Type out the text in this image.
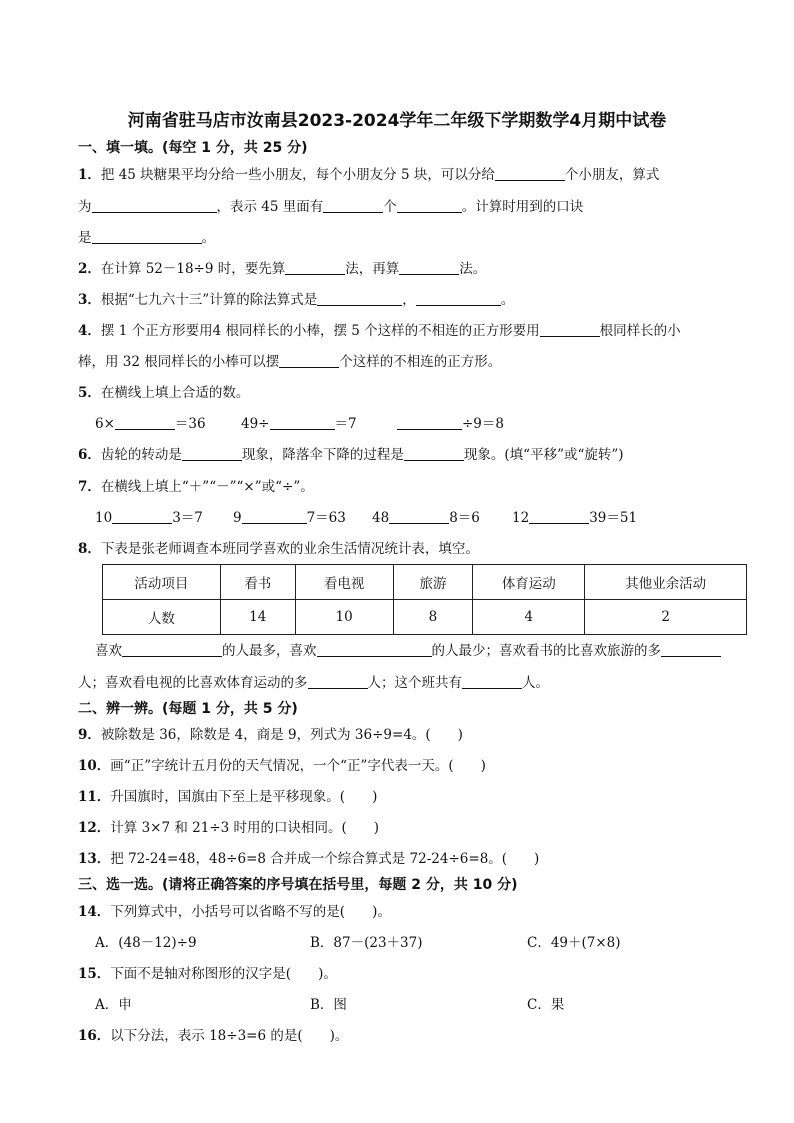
河南省驻马店市汝南县2023-2024学年二年级下学期数学4月期中试卷
一、填一填。(每空 1 分，共 25 分)
1．把 45 块糖果平均分给一些小朋友，每个小朋友分 5 块，可以分给	个小朋友，算式
为	，表示 45 里面有	个	。计算时用到的口诀
是	。
2．在计算 52－18÷9 时，要先算	法，再算	法。
3．根据“七九六十三”计算的除法算式是	，	。
4．摆 1 个正方形要用4 根同样长的小棒，摆 5 个这样的不相连的正方形要用	根同样长的小
棒，用 32 根同样长的小棒可以摆	个这样的不相连的正方形。
5．在横线上填上合适的数。
6×	＝36	49÷	＝7	÷9＝8
6．齿轮的转动是	现象，降落伞下降的过程是	现象。(填“平移”或“旋转”)
7．在横线上填上“＋”“－”“×”或“÷”。
10	3＝7 9	7＝63 48	8＝6 12	39＝51
8．下表是张老师调查本班同学喜欢的业余生活情况统计表，填空。
活动项目	看书	看电视	旅游	体育运动	其他业余活动
人数	14	10	8	4	2
喜欢	的人最多，喜欢	的人最少；喜欢看书的比喜欢旅游的多
人；喜欢看电视的比喜欢体育运动的多	人；这个班共有	人。
二、辨一辨。(每题 1 分，共 5 分)
9．被除数是 36，除数是 4，商是 9，列式为 36÷9=4。(　　)
10．画“正”字统计五月份的天气情况，一个“正”字代表一天。(　　)
11．升国旗时，国旗由下至上是平移现象。(　　)
12．计算 3×7 和 21÷3 时用的口诀相同。(　　)
13．把 72-24=48，48÷6=8 合并成一个综合算式是 72-24÷6=8。(　　)
三、选一选。(请将正确答案的序号填在括号里，每题 2 分，共 10 分)
14．下列算式中，小括号可以省略不写的是(　　)。
A．(48－12)÷9	B．87－(23＋37)	C．49＋(7×8)
15．下面不是轴对称图形的汉字是(　　)。
A．申	B．图	C．果
16．以下分法，表示 18÷3=6 的是(　　)。
